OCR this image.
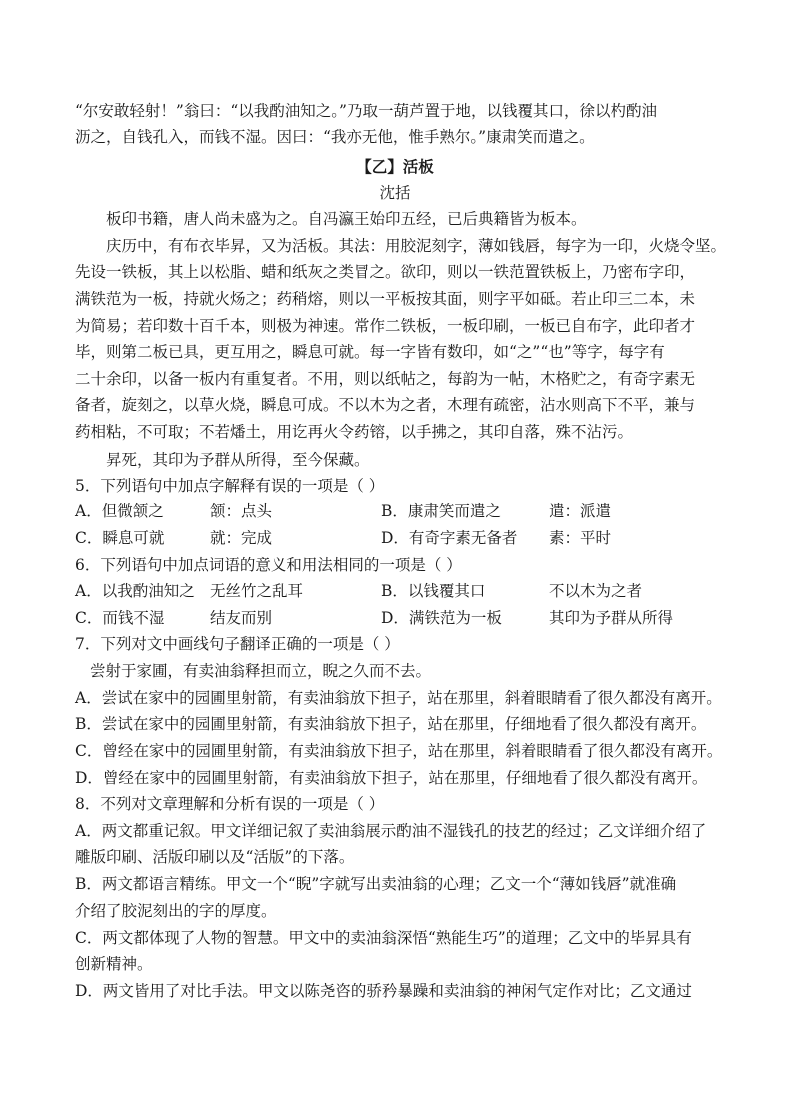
“尔安敢轻射！”翁曰：“以我酌油知之。”乃取一葫芦置于地，以钱覆其口，徐以杓酌油
沥之，自钱孔入，而钱不湿。因曰：“我亦无他，惟手熟尔。”康肃笑而遣之。
【乙】活板
沈括
板印书籍，唐人尚未盛为之。自冯瀛王始印五经，已后典籍皆为板本。
庆历中，有布衣毕昇，又为活板。其法：用胶泥刻字，薄如钱唇，每字为一印，火烧令坚。
先设一铁板，其上以松脂、蜡和纸灰之类冒之。欲印，则以一铁范置铁板上，乃密布字印，
满铁范为一板，持就火炀之；药稍熔，则以一平板按其面，则字平如砥。若止印三二本，未
为简易；若印数十百千本，则极为神速。常作二铁板，一板印刷，一板已自布字，此印者才
毕，则第二板已具，更互用之，瞬息可就。每一字皆有数印，如“之”“也”等字，每字有
二十余印，以备一板内有重复者。不用，则以纸帖之，每韵为一帖，木格贮之，有奇字素无
备者，旋刻之，以草火烧，瞬息可成。不以木为之者，木理有疏密，沾水则高下不平，兼与
药相粘，不可取；不若燔土，用讫再火令药镕，以手拂之，其印自落，殊不沾污。
昇死，其印为予群从所得，至今保藏。
5．下列语句中加点字解释有误的一项是（ ）
A．但微颔之	颔：点头	B．康肃笑而遣之	遣：派遣
C．瞬息可就	就：完成	D．有奇字素无备者 素：平时
6．下列语句中加点词语的意义和用法相同的一项是（ ）
A．以我酌油知之 无丝竹之乱耳	B．以钱覆其口	不以木为之者
C．而钱不湿	结友而别	D．满铁范为一板	其印为予群从所得
7．下列对文中画线句子翻译正确的一项是（ ）
尝射于家圃，有卖油翁释担而立，睨之久而不去。
A．尝试在家中的园圃里射箭，有卖油翁放下担子，站在那里，斜着眼睛看了很久都没有离开。
B．尝试在家中的园圃里射箭，有卖油翁放下担子，站在那里，仔细地看了很久都没有离开。
C．曾经在家中的园圃里射箭，有卖油翁放下担子，站在那里，斜着眼睛看了很久都没有离开。
D．曾经在家中的园圃里射箭，有卖油翁放下担子，站在那里，仔细地看了很久都没有离开。
8．不列对文章理解和分析有误的一项是（ ）
A．两文都重记叙。甲文详细记叙了卖油翁展示酌油不湿钱孔的技艺的经过；乙文详细介绍了
雕版印刷、活版印刷以及“活版”的下落。
B．两文都语言精练。甲文一个“睨”字就写出卖油翁的心理；乙文一个“薄如钱唇”就准确
介绍了胶泥刻出的字的厚度。
C．两文都体现了人物的智慧。甲文中的卖油翁深悟“熟能生巧”的道理；乙文中的毕昇具有
创新精神。
D．两文皆用了对比手法。甲文以陈尧咨的骄矜暴躁和卖油翁的神闲气定作对比；乙文通过
